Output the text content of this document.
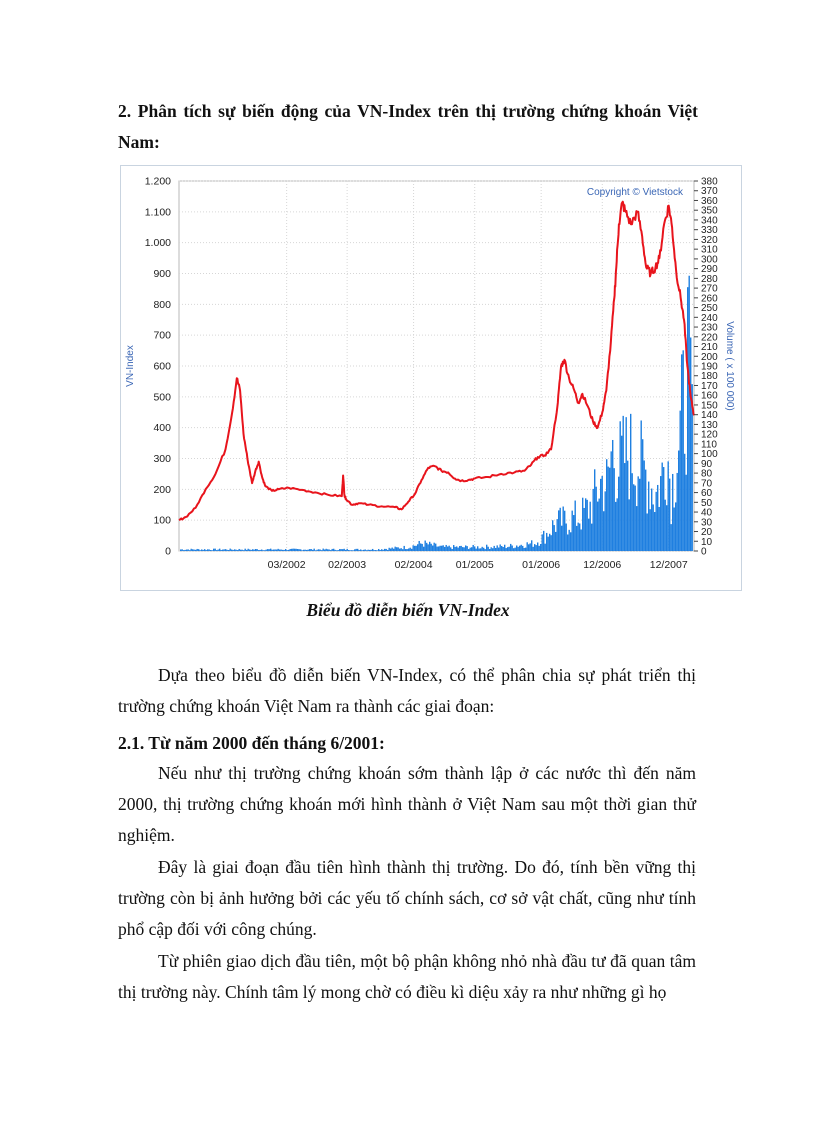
2. Phân tích sự biến động của VN-Index trên thị trường chứng khoán Việt Nam:
0
100
200
300
400
500
600
700
800
900
1.000
1.100
1.200
0
10
20
30
40
50
60
70
80
90
100
110
120
130
140
150
160
170
180
190
200
210
220
230
240
250
260
270
280
290
300
310
320
330
340
350
360
370
380
03/2002 02/2003	02/2004 01/2005	01/2006 12/2006	12/2007
Copyright © Vietstock
VN-Index	Volume ( x 100 000)
Biểu đồ diễn biến VN-Index

Dựa theo biểu đồ diễn biến VN-Index, có thể phân chia sự phát triển thị trường chứng khoán Việt Nam ra thành các giai đoạn:

2.1. Từ năm 2000 đến tháng 6/2001:

Nếu như thị trường chứng khoán sớm thành lập ở các nước thì đến năm 2000, thị trường chứng khoán mới hình thành ở Việt Nam sau một thời gian thử nghiệm.

Đây là giai đoạn đầu tiên hình thành thị trường. Do đó, tính bền vững thị trường còn bị ảnh hưởng bởi các yếu tố chính sách, cơ sở vật chất, cũng như tính phổ cập đối với công chúng.

Từ phiên giao dịch đầu tiên, một bộ phận không nhỏ nhà đầu tư đã quan tâm thị trường này. Chính tâm lý mong chờ có điều kì diệu xảy ra như những gì họ
